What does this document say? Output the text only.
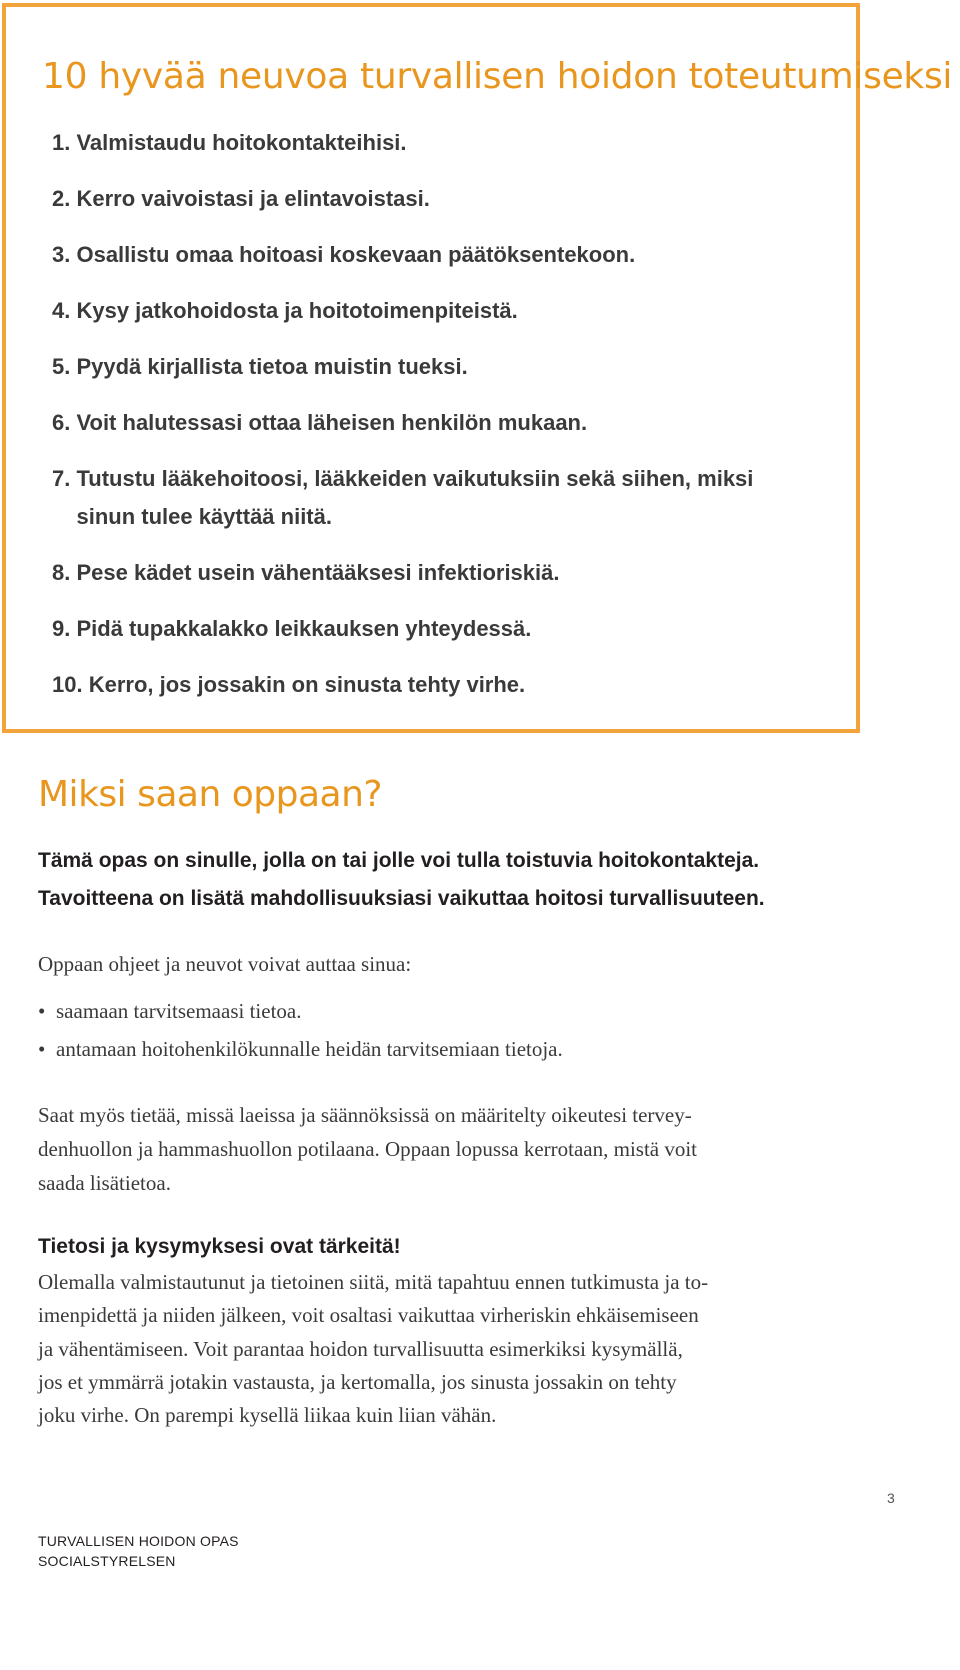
10 hyvää neuvoa turvallisen hoidon toteutumiseksi
1. Valmistaudu hoitokontakteihisi.
2. Kerro vaivoistasi ja elintavoistasi.
3. Osallistu omaa hoitoasi koskevaan päätöksentekoon.
4. Kysy jatkohoidosta ja hoitotoimenpiteistä.
5. Pyydä kirjallista tietoa muistin tueksi.
6. Voit halutessasi ottaa läheisen henkilön mukaan.
7. Tutustu lääkehoitoosi, lääkkeiden vaikutuksiin sekä siihen, miksi sinun tulee käyttää niitä.
8. Pese kädet usein vähentääksesi infektioriskiä.
9. Pidä tupakkalakko leikkauksen yhteydessä.
10. Kerro, jos jossakin on sinusta tehty virhe.
Miksi saan oppaan?

Tämä opas on sinulle, jolla on tai jolle voi tulla toistuvia hoitokontakteja.
Tavoitteena on lisätä mahdollisuuksiasi vaikuttaa hoitosi turvallisuuteen.

Oppaan ohjeet ja neuvot voivat auttaa sinua:

• saamaan tarvitsemaasi tietoa.
• antamaan hoitohenkilökunnalle heidän tarvitsemiaan tietoja.

Saat myös tietää, missä laeissa ja säännöksissä on määritelty oikeutesi tervey-
denhuollon ja hammashuollon potilaana. Oppaan lopussa kerrotaan, mistä voit
saada lisätietoa.

Tietosi ja kysymyksesi ovat tärkeitä!

Olemalla valmistautunut ja tietoinen siitä, mitä tapahtuu ennen tutkimusta ja to-
imenpidettä ja niiden jälkeen, voit osaltasi vaikuttaa virheriskin ehkäisemiseen
ja vähentämiseen. Voit parantaa hoidon turvallisuutta esimerkiksi kysymällä,
jos et ymmärrä jotakin vastausta, ja kertomalla, jos sinusta jossakin on tehty
joku virhe. On parempi kysellä liikaa kuin liian vähän.

3
TURVALLISEN HOIDON OPAS
SOCIALSTYRELSEN
